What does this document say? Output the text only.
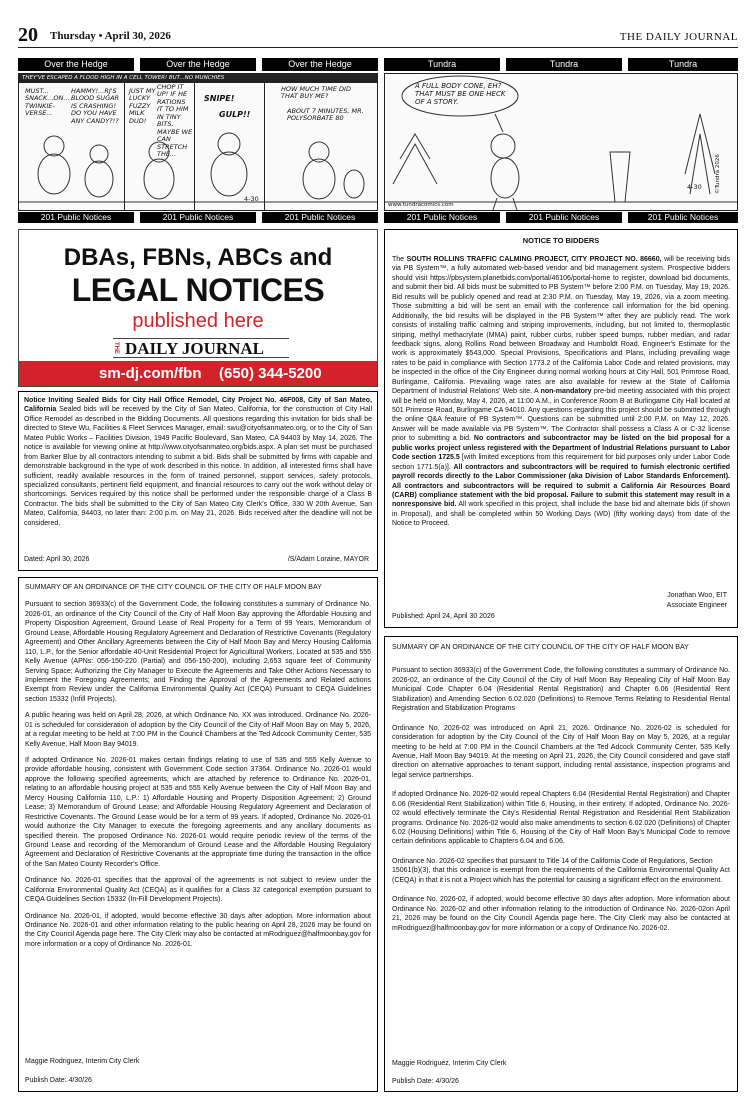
20 Thursday • April 30, 2026	THE DAILY JOURNAL
Over the Hedge	Over the Hedge	Over the Hedge	Tundra	Tundra	Tundra
THEY'VE ESCAPED A FLOOD HIGH IN A CELL TOWER! BUT...NO MUNCHIES
MUST... SNACK...ON... TWINKIE-VERSE...
HAMMY!...RJ'S BLOOD SUGAR IS CRASHING! DO YOU HAVE ANY CANDY?!?
JUST MY LUCKY FUZZY MILK DUD!
CHOP IT UP! IF HE RATIONS IT TO HIM IN TINY BITS, MAYBE WE CAN STRETCH THE...
SNIPE!
GULP!!
HOW MUCH TIME DID THAT BUY ME?
ABOUT 7 MINUTES, MR. POLYSORBATE 80
4-30
A FULL BODY CONE, EH? THAT MUST BE ONE HECK OF A STORY.
www.tundracomics.com
4-30 ©Tundra 2026
201 Public Notices	201 Public Notices	201 Public Notices	201 Public Notices	201 Public Notices	201 Public Notices
DBAs, FBNs, ABCs and
LEGAL NOTICES
published here
THE DAILY JOURNAL
sm-dj.com/fbn (650) 344-5200
Notice Inviting Sealed Bids for City Hall Office Remodel, City Project No. 46F008, City of San Mateo, California Sealed bids will be received by the City of San Mateo, California, for the construction of City Hall Office Remodel as described in the Bidding Documents. All questions regarding this invitation for bids shall be directed to Steve Wu, Facilities & Fleet Services Manager, email: swu@cityofsanmateo.org, or to the City of San Mateo Public Works – Facilities Division, 1949 Pacific Boulevard, San Mateo, CA 94403 by May 14, 2026. The notice is available for viewing online at http://www.cityofsanmateo.org/bids.aspx. A plan set must be purchased from Barker Blue by all contractors intending to submit a bid. Bids shall be submitted by firms with capable and demonstrable background in the type of work described in this notice. In addition, all interested firms shall have sufficient, readily available resources in the form of trained personnel, support services, safety protocols, specialized consultants, pertinent field equipment, and financial resources to carry out the work without delay or shortcomings. Services required by this notice shall be performed under the responsible charge of a Class B Contractor. The bids shall be submitted to the City of San Mateo City Clerk's Office, 330 W 20th Avenue, San Mateo, California, 94403, no later than: 2:00 p.m. on May 21, 2026. Bids received after the deadline will not be considered.
Dated: April 30, 2026	/S/Adam Loraine, MAYOR
SUMMARY OF AN ORDINANCE OF THE CITY COUNCIL OF THE CITY OF HALF MOON BAY

Pursuant to section 36933(c) of the Government Code, the following constitutes a summary of Ordinance No. 2026-01, an ordinance of the City Council of the City of Half Moon Bay approving the Affordable Housing and Property Disposition Agreement, Ground Lease of Real Property for a Term of 99 Years, Memorandum of Ground Lease, Affordable Housing Regulatory Agreement and Declaration of Restrictive Covenants (Regulatory Agreement) and Other Ancillary Agreements between the City of Half Moon Bay and Mercy Housing California 110, L.P., for the Senior affordable 40-Unit Residential Project for Agricultural Workers, Located at 535 and 555 Kelly Avenue (APNs: 056-150-220 (Partial) and 056-150-200), including 2,653 square feet of Community Serving Space; Authorizing the City Manager to Execute the Agreements and Take Other Actions Necessary to Implement the Foregoing Agreements; and Finding the Approval of the Agreements and Related actions Exempt from Review under the California Environmental Quality Act (CEQA) Pursuant to CEQA Guidelines section 15332 (Infill Projects).

A public hearing was held on April 28, 2026, at which Ordinance No. XX was introduced. Ordinance No. 2026-01 is scheduled for consideration of adoption by the City Council of the City of Half Moon Bay on May 5, 2026, at a regular meeting to be held at 7:00 PM in the Council Chambers at the Ted Adcock Community Center, 535 Kelly Avenue, Half Moon Bay 94019.

If adopted Ordinance No. 2026-01 makes certain findings relating to use of 535 and 555 Kelly Avenue to provide affordable housing, consistent with Government Code section 37364. Ordinance No. 2026-01 would approve the following specified agreements, which are attached by reference to Ordinance No. 2026-01, relating to an affordable housing project at 535 and 555 Kelly Avenue between the City of Half Moon Bay and Mercy Housing California 110, L.P.: 1) Affordable Housing and Property Disposition Agreement; 2) Ground Lease; 3) Memorandum of Ground Lease; and Affordable Housing Regulatory Agreement and Declaration of Restrictive Covenants. The Ground Lease would be for a term of 99 years. If adopted, Ordinance No. 2026-01 would authorize the City Manager to execute the foregoing agreements and any ancillary documents as specified therein. The proposed Ordinance No. 2026-01 would require periodic review of the terms of the Ground Lease and recording of the Memorandum of Ground Lease and the Affordable Housing Regulatory Agreement and Declaration of Restrictive Covenants at the appropriate time during the transaction in the office of the San Mateo County Recorder's Office.

Ordinance No. 2026-01 specifies that the approval of the agreements is not subject to review under the California Environmental Quality Act (CEQA) as it qualifies for a Class 32 categorical exemption pursuant to CEQA Guidelines Section 15332 (In-Fill Development Projects).

Ordinance No. 2026-01, if adopted, would become effective 30 days after adoption. More information about Ordinance No. 2026-01 and other information relating to the public hearing on April 28, 2026 may be found on the City Council Agenda page here. The City Clerk may also be contacted at mRodriguez@halfmoonbay.gov for more information or a copy of Ordinance No. 2026-01.

Maggie Rodriguez, Interim City Clerk
Publish Date: 4/30/26
NOTICE TO BIDDERS
The SOUTH ROLLINS TRAFFIC CALMING PROJECT, CITY PROJECT NO. 86660, will be receiving bids via PB System™, a fully automated web-based vendor and bid management system. Prospective bidders should visit https://pbsystem.planetbids.com/portal/46106/portal-home to register, download bid documents, and submit their bid. All bids must be submitted to PB System™ before 2:00 P.M. on Tuesday, May 19, 2026. Bid results will be publicly opened and read at 2:30 P.M. on Tuesday, May 19, 2026, via a zoom meeting. Those submitting a bid will be sent an email with the conference call information for the bid opening. Additionally, the bid results will be displayed in the PB System™ after they are publicly read. The work consists of installing traffic calming and striping improvements, including, but not limited to, thermoplastic striping, methyl methacrylate (MMA) paint, rubber curbs, rubber speed bumps, rubber median, and radar feedback signs, along Rollins Road between Broadway and Humboldt Road. Engineer's Estimate for the work is approximately $543,000. Special Provisions, Specifications and Plans, including prevailing wage rates to be paid in compliance with Section 1773.2 of the California Labor Code and related provisions, may be inspected in the office of the City Engineer during normal working hours at City Hall, 501 Primrose Road, Burlingame, California. Prevailing wage rates are also available for review at the State of California Department of Industrial Relations' Web site. A non-mandatory pre-bid meeting associated with this project will be held on Monday, May 4, 2026, at 11:00 A.M., in Conference Room B at Burlingame City Hall located at 501 Primrose Road, Burlingame CA 94010. Any questions regarding this project should be submitted through the online Q&A feature of PB System™. Questions can be submitted until 2:00 P.M. on May 12, 2026. Answer will be made available via PB System™. The Contractor shall possess a Class A or C-32 license prior to submitting a bid. No contractors and subcontractor may be listed on the bid proposal for a public works project unless registered with the Department of Industrial Relations pursuant to Labor Code section 1725.5 [with limited exceptions from this requirement for bid purposes only under Labor Code section 1771.5(a)]. All contractors and subcontractors will be required to furnish electronic certified payroll records directly to the Labor Commissioner (aka Division of Labor Standards Enforcement). All contractors and subcontractors will be required to submit a California Air Resources Board (CARB) compliance statement with the bid proposal. Failure to submit this statement may result in a nonresponsive bid. All work specified in this project, shall include the base bid and alternate bids (if shown in Proposal), and shall be completed within 50 Working Days (WD) (fifty working days) from date of the Notice to Proceed.
Jonathan Woo, EIT
Associate Engineer
Published: April 24, April 30 2026
SUMMARY OF AN ORDINANCE OF THE CITY COUNCIL OF THE CITY OF HALF MOON BAY

Pursuant to section 36933(c) of the Government Code, the following constitutes a summary of Ordinance No. 2026-02, an ordinance of the City Council of the City of Half Moon Bay Repealing City of Half Moon Bay Municipal Code Chapter 6.04 (Residential Rental Registration) and Chapter 6.06 (Residential Rent Stabilization) and Amending Section 6.02.020 (Definitions) to Remove Terms Relating to Residential Rental Registration and Stabilization Programs

Ordinance No. 2026-02 was introduced on April 21, 2026. Ordinance No. 2026-02 is scheduled for consideration for adoption by the City Council of the City of Half Moon Bay on May 5, 2026, at a regular meeting to be held at 7:00 PM in the Council Chambers at the Ted Adcock Community Center, 535 Kelly Avenue, Half Moon Bay 94019. At the meeting on April 21, 2026, the City Council considered and gave staff direction on alternative approaches to tenant support, including rental assistance, inspection programs and legal service partnerships.

If adopted Ordinance No. 2026-02 would repeal Chapters 6.04 (Residential Rental Registration) and Chapter 6.06 (Residential Rent Stabilization) within Title 6, Housing, in their entirety. If adopted, Ordinance No. 2026-02 would effectively terminate the City's Residential Rental Registration and Residential Rent Stabilization programs. Ordinance No. 2026-02 would also make amendments to section 6.02.020 (Definitions) of Chapter 6.02 (Housing Definitions) within Title 6, Housing of the City of Half Moon Bay's Municipal Code to remove certain definitions applicable to Chapters 6.04 and 6.06.

Ordinance No. 2026-02 specifies that pursuant to Title 14 of the California Code of Regulations, Section

15061(b)(3), that this ordinance is exempt from the requirements of the California Environmental Quality Act (CEQA) in that it is not a Project which has the potential for causing a significant effect on the environment.

Ordinance No. 2026-02, if adopted, would become effective 30 days after adoption. More information about Ordinance No. 2026-02 and other information relating to the introduction of Ordinance No. 2026-02on April 21, 2026 may be found on the City Council Agenda page here. The City Clerk may also be contacted at mRodriguez@halfmoonbay.gov for more information or a copy of Ordinance No. 2026-02.

Maggie Rodriguez, Interim City Clerk
Publish Date: 4/30/26
